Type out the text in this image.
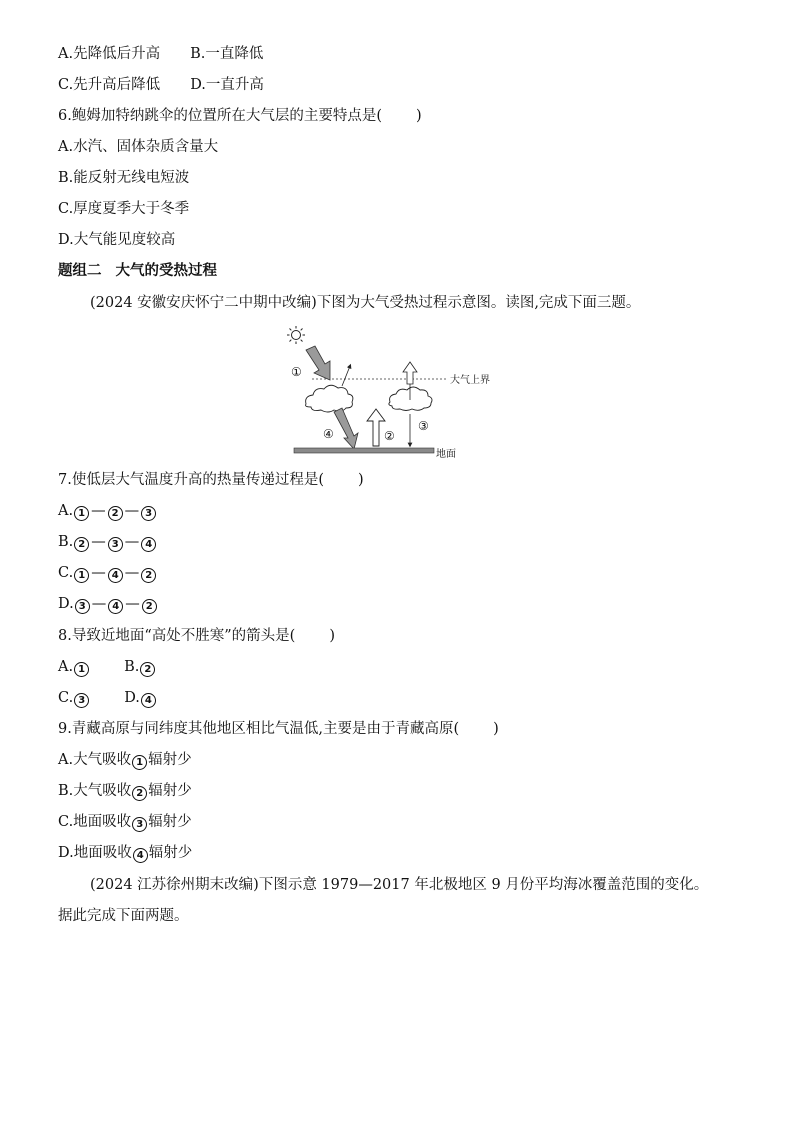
A.先降低后升高 B.一直降低
C.先升高后降低 D.一直升高
6.鲍姆加特纳跳伞的位置所在大气层的主要特点是( )
A.水汽、固体杂质含量大
B.能反射无线电短波
C.厚度夏季大于冬季
D.大气能见度较高
题组二 大气的受热过程
(2024 安徽安庆怀宁二中期中改编)下图为大气受热过程示意图。读图,完成下面三题。
大气上界
①
③
②
④
地面
7.使低层大气温度升高的热量传递过程是( )
A. 1 — 2 — 3
B. 2 — 3 — 4
C. 1 — 4 — 2
D. 3 — 4 — 2
8.导致近地面“高处不胜寒”的箭头是( )
A. 1	B. 2
C. 3	D. 4
9.青藏高原与同纬度其他地区相比气温低,主要是由于青藏高原( )
A.大气吸收 1 辐射少
B.大气吸收 2 辐射少
C.地面吸收 3 辐射少
D.地面吸收 4 辐射少
(2024 江苏徐州期末改编)下图示意 1979—2017 年北极地区 9 月份平均海冰覆盖范围的变化。
据此完成下面两题。
